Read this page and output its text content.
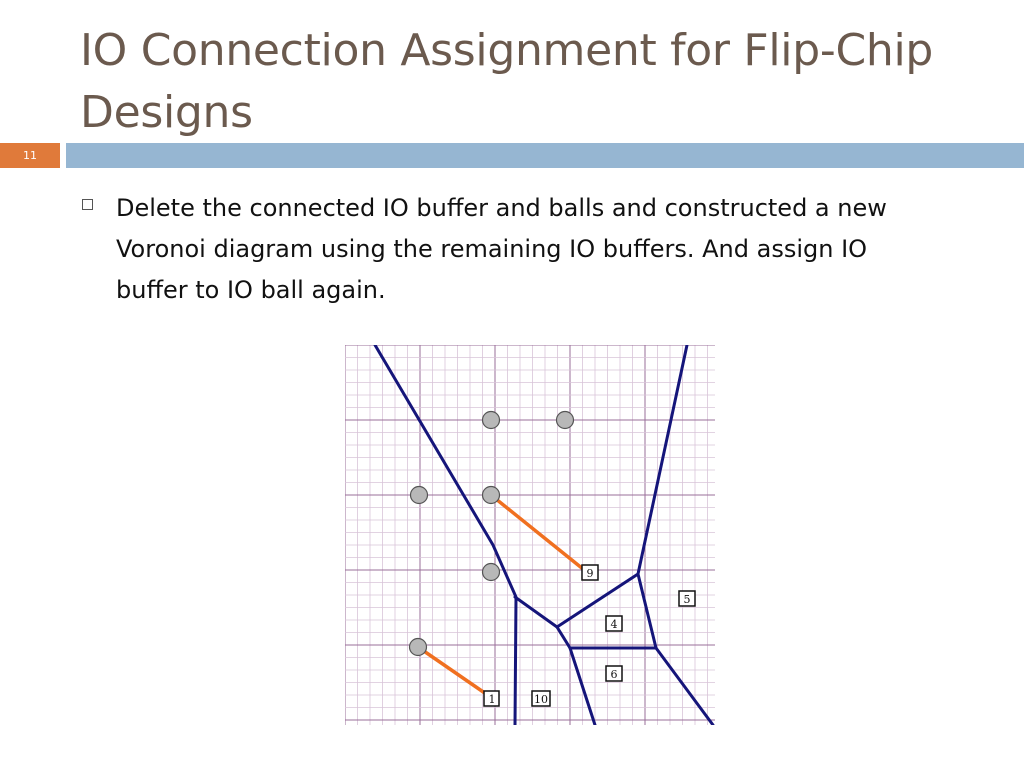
IO Connection Assignment for Flip-Chip Designs
11
Delete the connected IO buffer and balls and constructed a new Voronoi diagram using the remaining IO buffers. And assign IO buffer to IO ball again.
9
5
4
6
1	10
